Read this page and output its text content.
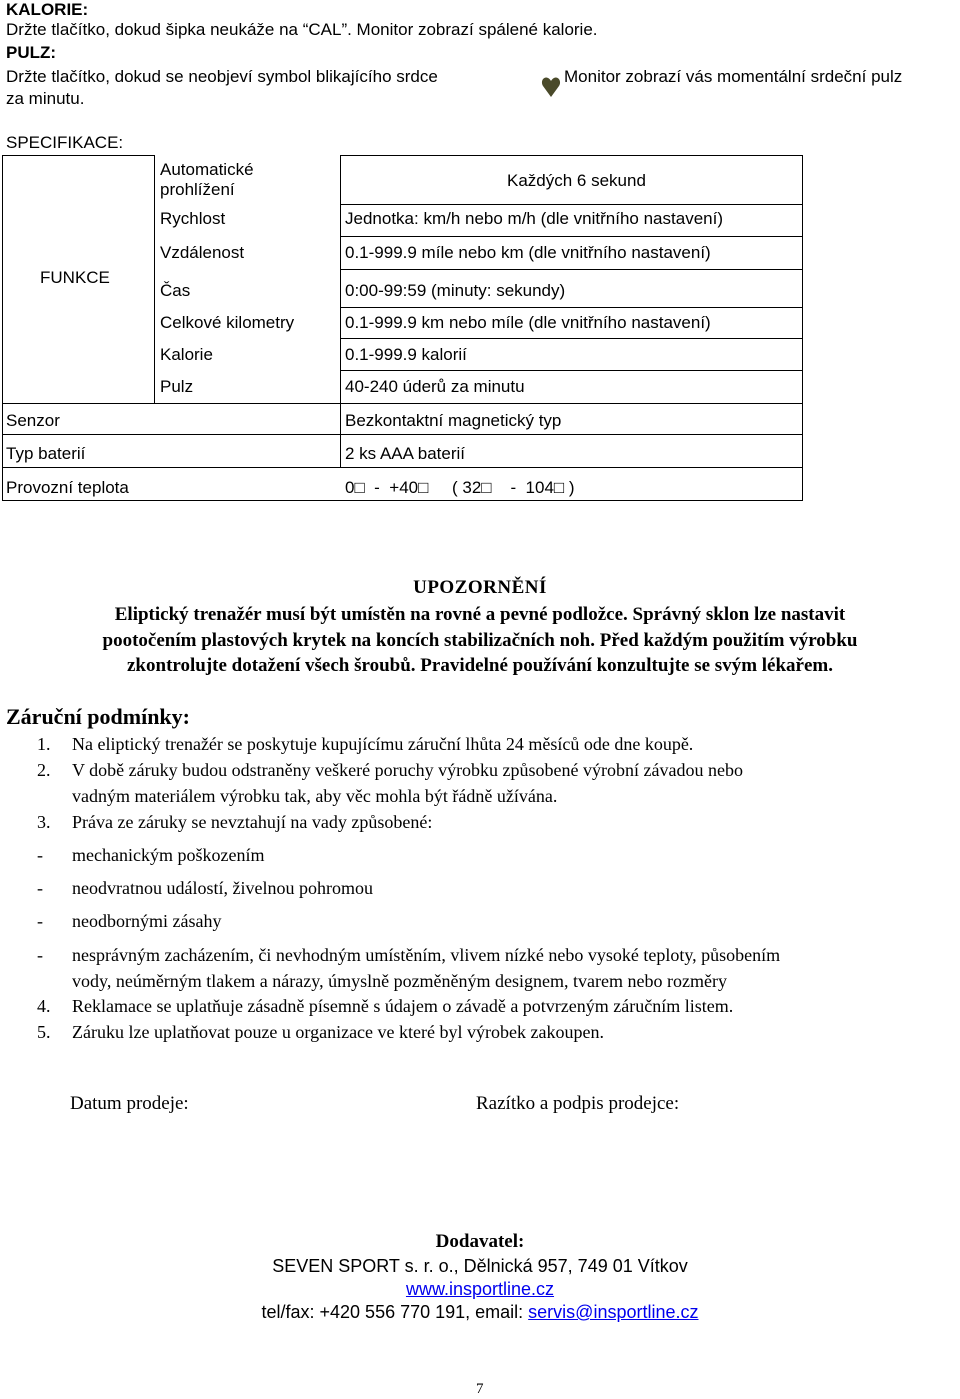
KALORIE:
Držte tlačítko, dokud šipka neukáže na “CAL”. Monitor zobrazí spálené kalorie.
PULZ:
Držte tlačítko, dokud se neobjeví symbol blikajícího srdce	Monitor zobrazí vás momentální srdeční pulz
za minutu.
SPECIFIKACE:
FUNKCE
Automatické
prohlížení	Každých 6 sekund
Rychlost	Jednotka: km/h nebo m/h (dle vnitřního nastavení)
Vzdálenost	0.1-999.9 míle nebo km (dle vnitřního nastavení)
Čas	0:00-99:59 (minuty: sekundy)
Celkové kilometry	0.1-999.9 km nebo míle (dle vnitřního nastavení)
Kalorie	0.1-999.9 kalorií
Pulz	40-240 úderů za minutu
Senzor	Bezkontaktní magnetický typ
Typ baterií	2 ks AAA baterií
Provozní teplota	0□  -  +40□     ( 32□    -  104□ )
UPOZORNĚNÍ
Eliptický trenažér musí být umístěn na rovné a pevné podložce. Správný sklon lze nastavit
pootočením plastových krytek na koncích stabilizačních noh. Před každým použitím výrobku
zkontrolujte dotažení všech šroubů. Pravidelné používání konzultujte se svým lékařem.
Záruční podmínky:
1. Na eliptický trenažér se poskytuje kupujícímu záruční lhůta 24 měsíců ode dne koupě.
2. V době záruky budou odstraněny veškeré poruchy výrobku způsobené výrobní závadou nebo
vadným materiálem výrobku tak, aby věc mohla být řádně užívána.
3. Práva ze záruky se nevztahují na vady způsobené:
- mechanickým poškozením
- neodvratnou událostí, živelnou pohromou
- neodbornými zásahy
- nesprávným zacházením, či nevhodným umístěním, vlivem nízké nebo vysoké teploty, působením
vody, neúměrným tlakem a nárazy, úmyslně pozměněným designem, tvarem nebo rozměry
4. Reklamace se uplatňuje zásadně písemně s údajem o závadě a potvrzeným záručním listem.
5. Záruku lze uplatňovat pouze u organizace ve které byl výrobek zakoupen.
Datum prodeje:	Razítko a podpis prodejce:
Dodavatel:
SEVEN SPORT s. r. o., Dělnická 957, 749 01 Vítkov
www.insportline.cz
tel/fax: +420 556 770 191, email: servis@insportline.cz
7
